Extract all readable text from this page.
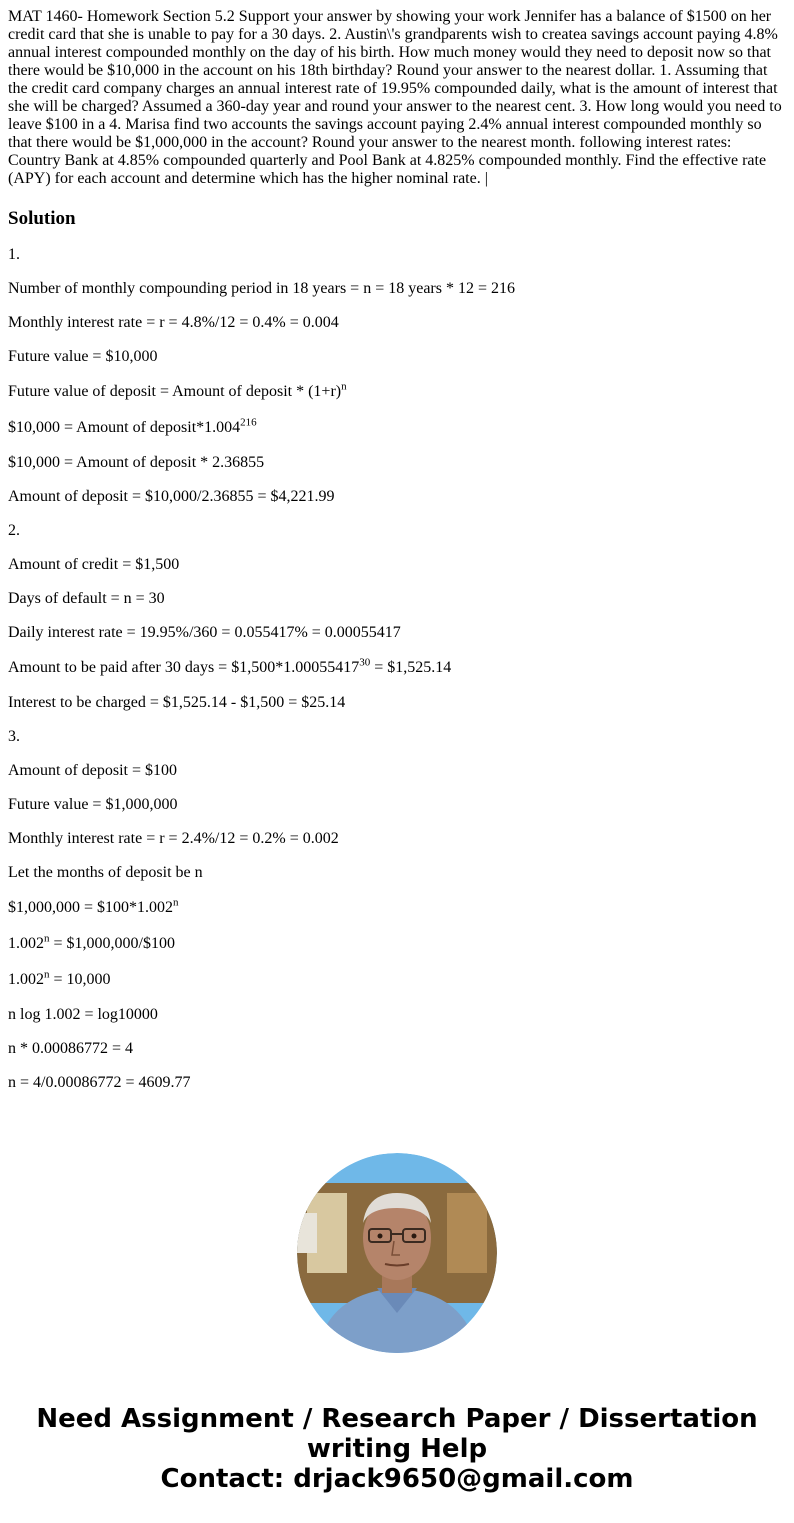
MAT 1460- Homework Section 5.2 Support your answer by showing your work Jennifer has a balance of $1500 on her credit card that she is unable to pay for a 30 days. 2. Austin\'s grandparents wish to createa savings account paying 4.8% annual interest compounded monthly on the day of his birth. How much money would they need to deposit now so that there would be $10,000 in the account on his 18th birthday? Round your answer to the nearest dollar. 1. Assuming that the credit card company charges an annual interest rate of 19.95% compounded daily, what is the amount of interest that she will be charged? Assumed a 360-day year and round your answer to the nearest cent. 3. How long would you need to leave $100 in a 4. Marisa find two accounts the savings account paying 2.4% annual interest compounded monthly so that there would be $1,000,000 in the account? Round your answer to the nearest month. following interest rates: Country Bank at 4.85% compounded quarterly and Pool Bank at 4.825% compounded monthly. Find the effective rate (APY) for each account and determine which has the higher nominal rate. |

Solution

1.

Number of monthly compounding period in 18 years = n = 18 years * 12 = 216

Monthly interest rate = r = 4.8%/12 = 0.4% = 0.004

Future value = $10,000

Future value of deposit = Amount of deposit * $(1+r)^n$

$10,000 = Amount of deposit*1.004$^{216}$

$10,000 = Amount of deposit * 2.36855

Amount of deposit = $10,000/2.36855 = $4,221.99

2.

Amount of credit = $1,500

Days of default = n = 30

Daily interest rate = 19.95%/360 = 0.055417% = 0.00055417

Amount to be paid after 30 days = $\$1,500*1.00055417^{30}$ = $1,525.14

Interest to be charged = $1,525.14 - $1,500 = $25.14

3.

Amount of deposit = $100

Future value = $1,000,000

Monthly interest rate = r = 2.4%/12 = 0.2% = 0.002

Let the months of deposit be n

$1,000,000 = $\$100*1.002^n$

$1.002^n$ = $1,000,000/$100

$1.002^n = 10,000$

n log 1.002 = log10000

n * 0.00086772 = 4

n = 4/0.00086772 = 4609.77

Need Assignment / Research Paper / Dissertation
writing Help
Contact: drjack9650@gmail.com
